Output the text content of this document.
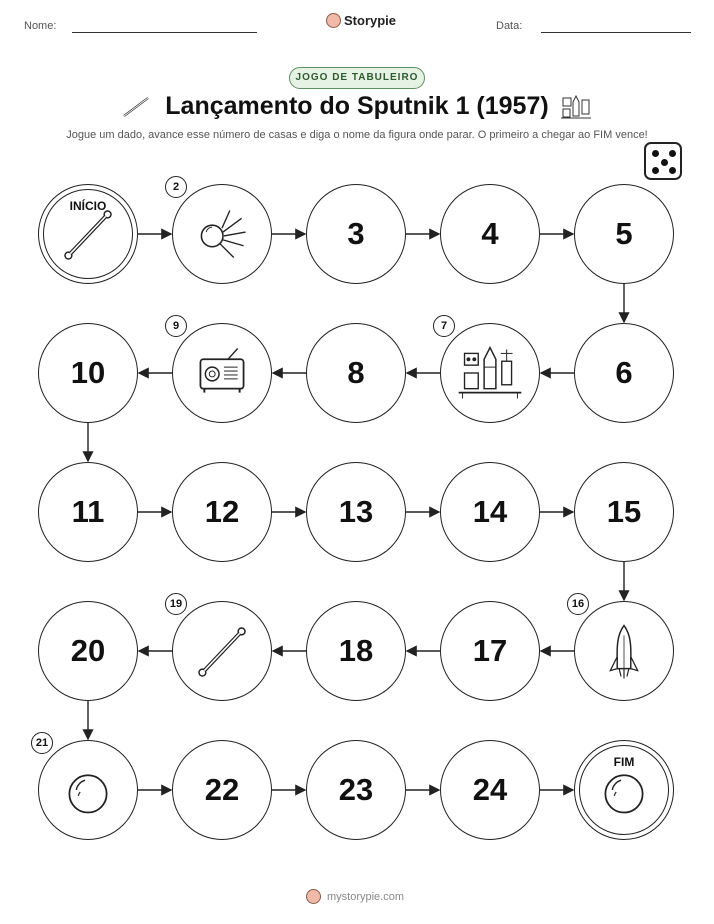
Nome:	Storypie	Data:
JOGO DE TABULEIRO
Lançamento do Sputnik 1 (1957)
Jogue um dado, avance esse número de casas e diga o nome da figura onde parar. O primeiro a chegar ao FIM vence!
FIM
24
23
22
20	18	17
15
14
13
12
11
10	8	6
5
4
3
INÍCIO
2
7
9
16
19
21
mystorypie.com
